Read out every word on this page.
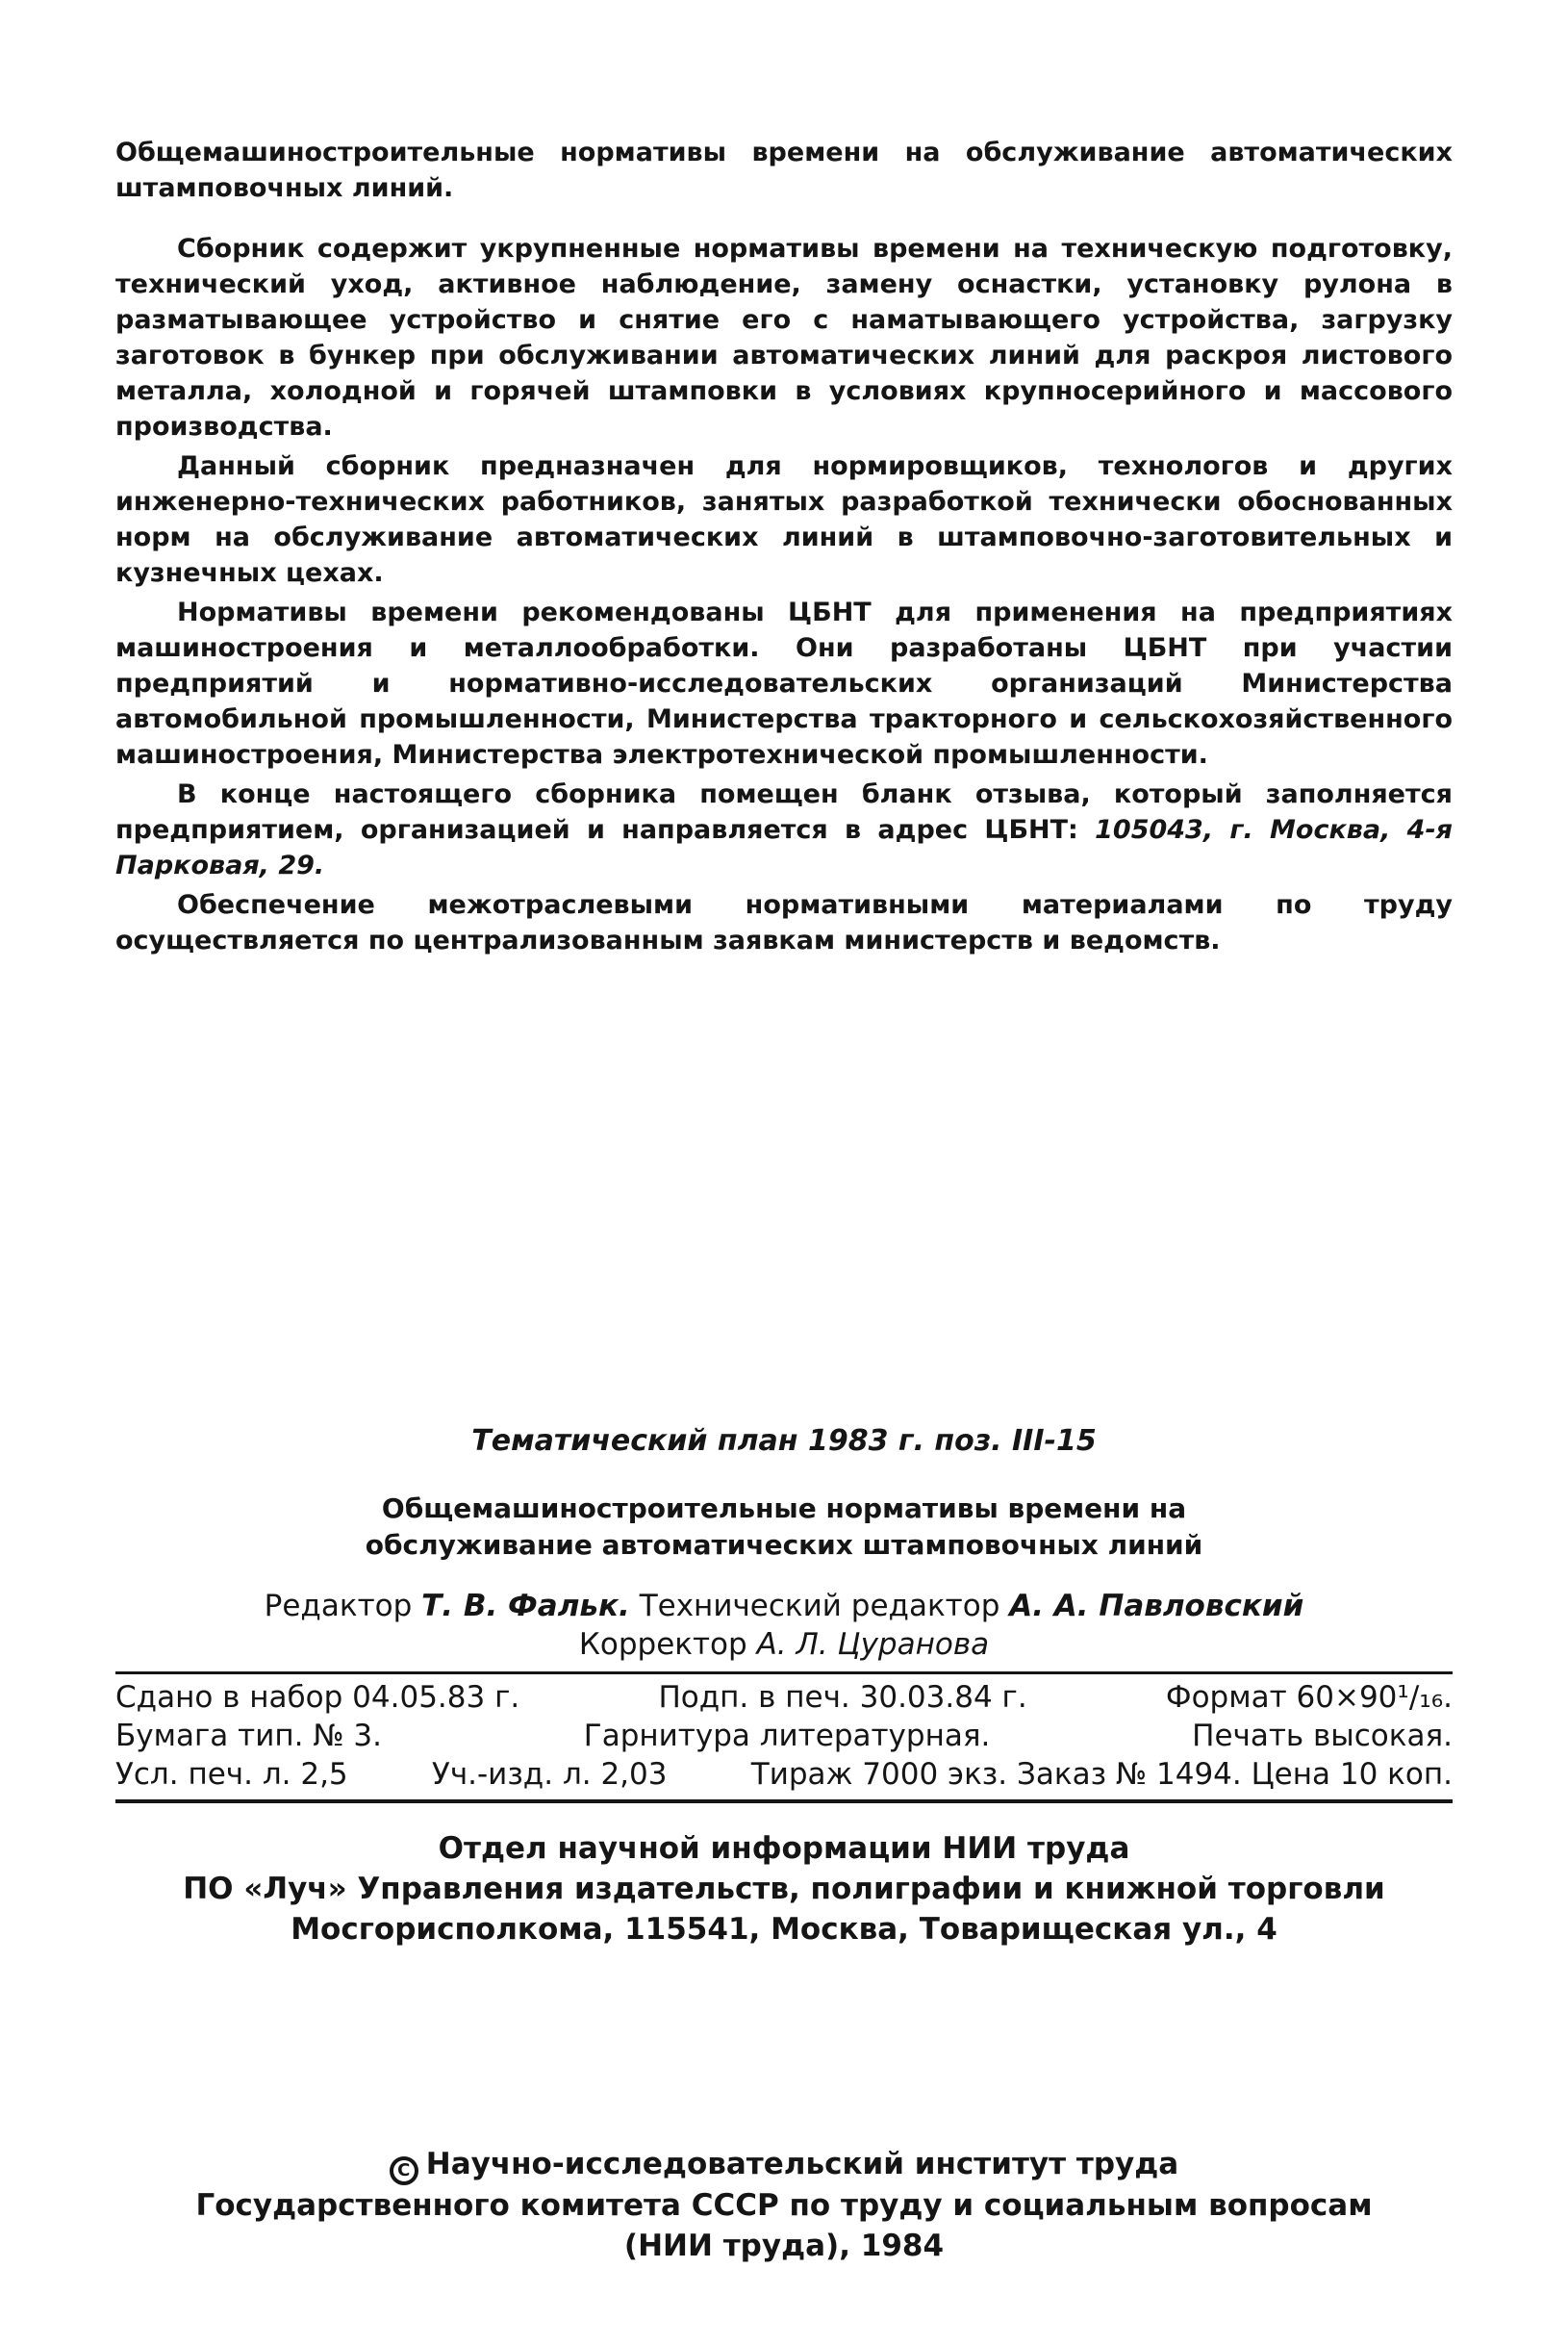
Общемашиностроительные нормативы времени на обслуживание автоматических штамповочных линий.

Сборник содержит укрупненные нормативы времени на техническую подготовку, технический уход, активное наблюдение, замену оснастки, установку рулона в разматывающее устройство и снятие его с наматывающего устройства, загрузку заготовок в бункер при обслуживании автоматических линий для раскроя листового металла, холодной и горячей штамповки в условиях крупносерийного и массового производства.

Данный сборник предназначен для нормировщиков, технологов и других инженерно-технических работников, занятых разработкой технически обоснованных норм на обслуживание автоматических линий в штамповочно-заготовительных и кузнечных цехах.

Нормативы времени рекомендованы ЦБНТ для применения на предприятиях машиностроения и металлообработки. Они разработаны ЦБНТ при участии предприятий и нормативно-исследовательских организаций Министерства автомобильной промышленности, Министерства тракторного и сельскохозяйственного машиностроения, Министерства электротехнической промышленности.

В конце настоящего сборника помещен бланк отзыва, который заполняется предприятием, организацией и направляется в адрес ЦБНТ: 105043, г. Москва, 4-я Парковая, 29.

Обеспечение межотраслевыми нормативными материалами по труду осуществляется по централизованным заявкам министерств и ведомств.

Тематический план 1983 г. поз. III-15
Общемашиностроительные нормативы времени на
обслуживание автоматических штамповочных линий
Редактор Т. В. Фальк. Технический редактор А. А. Павловский
Корректор А. Л. Цуранова
Сдано в набор 04.05.83 г.	Подп. в печ. 30.03.84 г.	Формат 60×90¹/₁₆.
Бумага тип. № 3.	Гарнитура литературная.	Печать высокая.
Усл. печ. л. 2,5	Уч.-изд. л. 2,03	Тираж 7000 экз. Заказ № 1494. Цена 10 коп.
Отдел научной информации НИИ труда
ПО «Луч» Управления издательств, полиграфии и книжной торговли
Мосгорисполкома, 115541, Москва, Товарищеская ул., 4
C Научно-исследовательский институт труда
Государственного комитета СССР по труду и социальным вопросам
(НИИ труда), 1984
